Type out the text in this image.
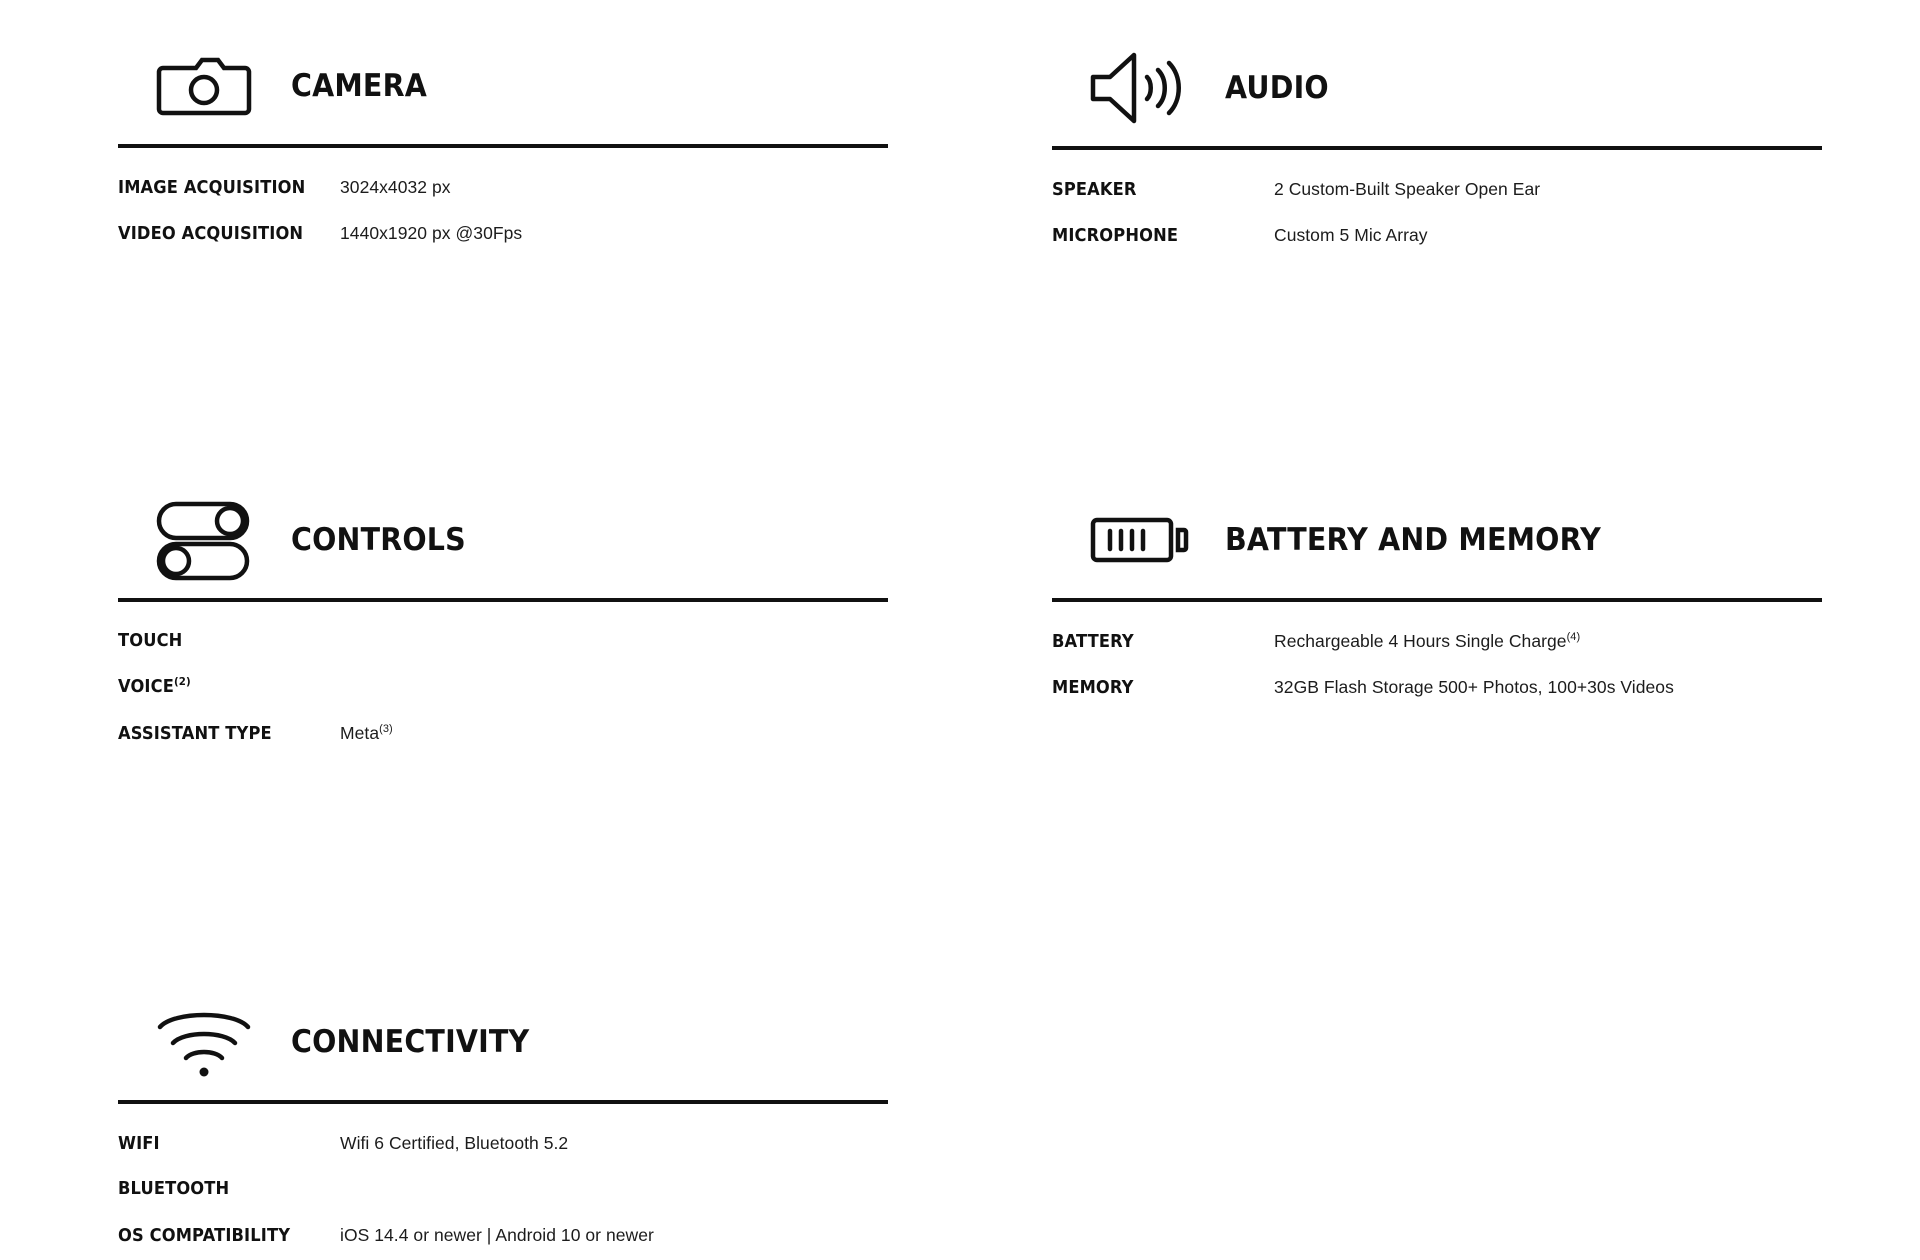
CAMERA
IMAGE ACQUISITION	3024x4032 px
VIDEO ACQUISITION	1440x1920 px @30Fps
CONTROLS
TOUCH
VOICE$^{(2)}$
ASSISTANT TYPE	Meta$^{(3)}$
CONNECTIVITY
WIFI	Wifi 6 Certified, Bluetooth 5.2
BLUETOOTH
OS COMPATIBILITY	iOS 14.4 or newer | Android 10 or newer
AUDIO
SPEAKER	2 Custom-Built Speaker Open Ear
MICROPHONE	Custom 5 Mic Array
BATTERY AND MEMORY
BATTERY	Rechargeable 4 Hours Single Charge$^{(4)}$
MEMORY	32GB Flash Storage 500+ Photos, 100+30s Videos
